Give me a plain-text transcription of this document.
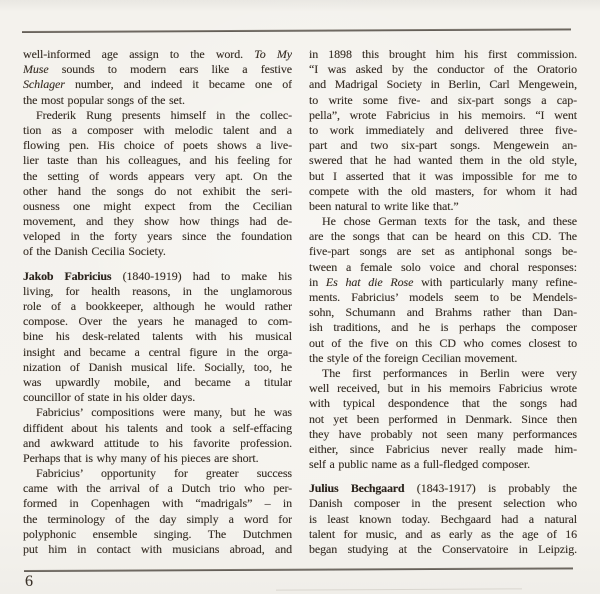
well-informed age assign to the word. To My
Muse sounds to modern ears like a festive
Schlager number, and indeed it became one of
the most popular songs of the set.
Frederik Rung presents himself in the collec-
tion as a composer with melodic talent and a
flowing pen. His choice of poets shows a live-
lier taste than his colleagues, and his feeling for
the setting of words appears very apt. On the
other hand the songs do not exhibit the seri-
ousness one might expect from the Cecilian
movement, and they show how things had de-
veloped in the forty years since the foundation
of the Danish Cecilia Society.
Jakob Fabricius (1840-1919) had to make his
living, for health reasons, in the unglamorous
role of a bookkeeper, although he would rather
compose. Over the years he managed to com-
bine his desk-related talents with his musical
insight and became a central figure in the orga-
nization of Danish musical life. Socially, too, he
was upwardly mobile, and became a titular
councillor of state in his older days.
Fabricius’ compositions were many, but he was
diffident about his talents and took a self-effacing
and awkward attitude to his favorite profession.
Perhaps that is why many of his pieces are short.
Fabricius’ opportunity for greater success
came with the arrival of a Dutch trio who per-
formed in Copenhagen with “madrigals” – in
the terminology of the day simply a word for
polyphonic ensemble singing. The Dutchmen
put him in contact with musicians abroad, and
in 1898 this brought him his first commission.
“I was asked by the conductor of the Oratorio
and Madrigal Society in Berlin, Carl Mengewein,
to write some five- and six-part songs a cap-
pella”, wrote Fabricius in his memoirs. “I went
to work immediately and delivered three five-
part and two six-part songs. Mengewein an-
swered that he had wanted them in the old style,
but I asserted that it was impossible for me to
compete with the old masters, for whom it had
been natural to write like that.”
He chose German texts for the task, and these
are the songs that can be heard on this CD. The
five-part songs are set as antiphonal songs be-
tween a female solo voice and choral responses:
in Es hat die Rose with particularly many refine-
ments. Fabricius’ models seem to be Mendels-
sohn, Schumann and Brahms rather than Dan-
ish traditions, and he is perhaps the composer
out of the five on this CD who comes closest to
the style of the foreign Cecilian movement.
The first performances in Berlin were very
well received, but in his memoirs Fabricius wrote
with typical despondence that the songs had
not yet been performed in Denmark. Since then
they have probably not seen many performances
either, since Fabricius never really made him-
self a public name as a full-fledged composer.
Julius Bechgaard (1843-1917) is probably the
Danish composer in the present selection who
is least known today. Bechgaard had a natural
talent for music, and as early as the age of 16
began studying at the Conservatoire in Leipzig.
6
